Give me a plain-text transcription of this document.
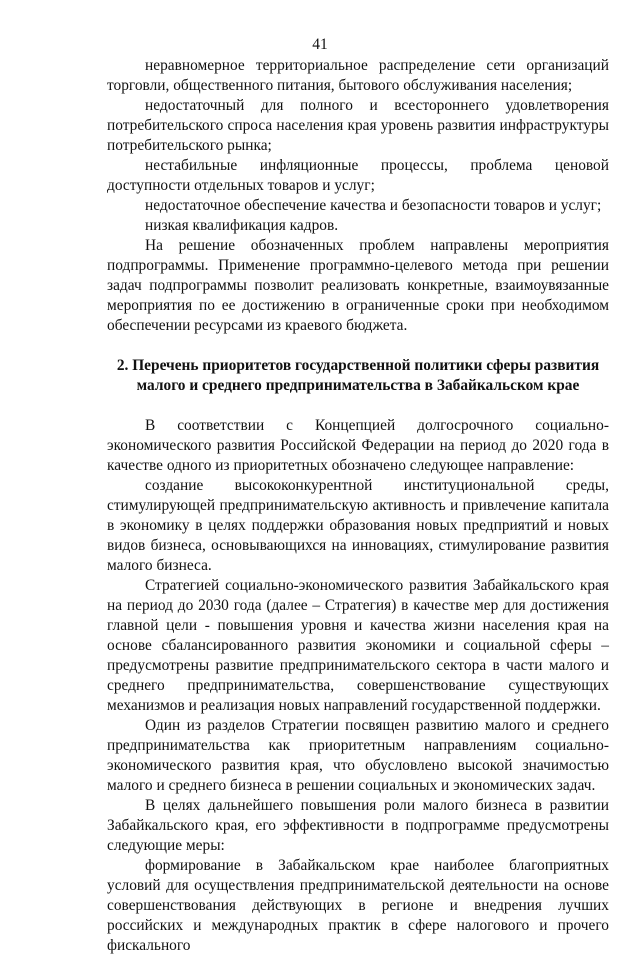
41

неравномерное территориальное распределение сети организаций торговли, общественного питания, бытового обслуживания населения;

недостаточный для полного и всестороннего удовлетворения потребительского спроса населения края уровень развития инфраструктуры потребительского рынка;

нестабильные инфляционные процессы, проблема ценовой доступности отдельных товаров и услуг;

недостаточное обеспечение качества и безопасности товаров и услуг;

низкая квалификация кадров.

На решение обозначенных проблем направлены мероприятия подпрограммы. Применение программно-целевого метода при решении задач подпрограммы позволит реализовать конкретные, взаимоувязанные мероприятия по ее достижению в ограниченные сроки при необходимом обеспечении ресурсами из краевого бюджета.

2. Перечень приоритетов государственной политики сферы развития
малого и среднего предпринимательства в Забайкальском крае

В соответствии с Концепцией долгосрочного социально-экономического развития Российской Федерации на период до 2020 года в качестве одного из приоритетных обозначено следующее направление:

создание высококонкурентной институциональной среды, стимулирующей предпринимательскую активность и привлечение капитала в экономику в целях поддержки образования новых предприятий и новых видов бизнеса, основывающихся на инновациях, стимулирование развития малого бизнеса.

Стратегией социально-экономического развития Забайкальского края на период до 2030 года (далее – Стратегия) в качестве мер для достижения главной цели - повышения уровня и качества жизни населения края на основе сбалансированного развития экономики и социальной сферы – предусмотрены развитие предпринимательского сектора в части малого и среднего предпринимательства, совершенствование существующих механизмов и реализация новых направлений государственной поддержки.

Один из разделов Стратегии посвящен развитию малого и среднего предпринимательства как приоритетным направлениям социально-экономического развития края, что обусловлено высокой значимостью малого и среднего бизнеса в решении социальных и экономических задач.

В целях дальнейшего повышения роли малого бизнеса в развитии Забайкальского края, его эффективности в подпрограмме предусмотрены следующие меры:

формирование в Забайкальском крае наиболее благоприятных условий для осуществления предпринимательской деятельности на основе совершенствования действующих в регионе и внедрения лучших российских и международных практик в сфере налогового и прочего фискального
